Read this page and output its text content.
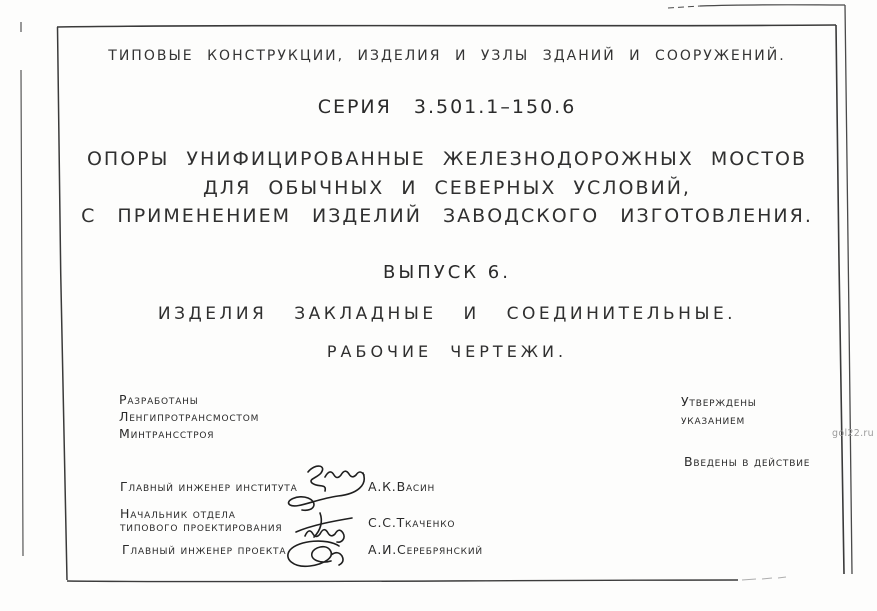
ТИПОВЫЕ КОНСТРУКЦИИ, ИЗДЕЛИЯ И УЗЛЫ ЗДАНИЙ И СООРУЖЕНИЙ.
СЕРИЯ 3.501.1–150.6
ОПОРЫ УНИФИЦИРОВАННЫЕ ЖЕЛЕЗНОДОРОЖНЫХ МОСТОВ
ДЛЯ ОБЫЧНЫХ И СЕВЕРНЫХ УСЛОВИЙ,
С ПРИМЕНЕНИЕМ ИЗДЕЛИЙ ЗАВОДСКОГО ИЗГОТОВЛЕНИЯ.
ВЫПУСК 6.
ИЗДЕЛИЯ ЗАКЛАДНЫЕ И СОЕДИНИТЕЛЬНЫЕ.
РАБОЧИЕ ЧЕРТЕЖИ.
Разработаны
Ленгипротрансмостом
Минтрансстроя
Утверждены
указанием
Введены в действие
Главный инженер института
Начальник отдела
типового проектирования
Главный инженер проекта
А.К.Васин
С.С.Ткаченко
А.И.Серебрянский
gol22.ru
